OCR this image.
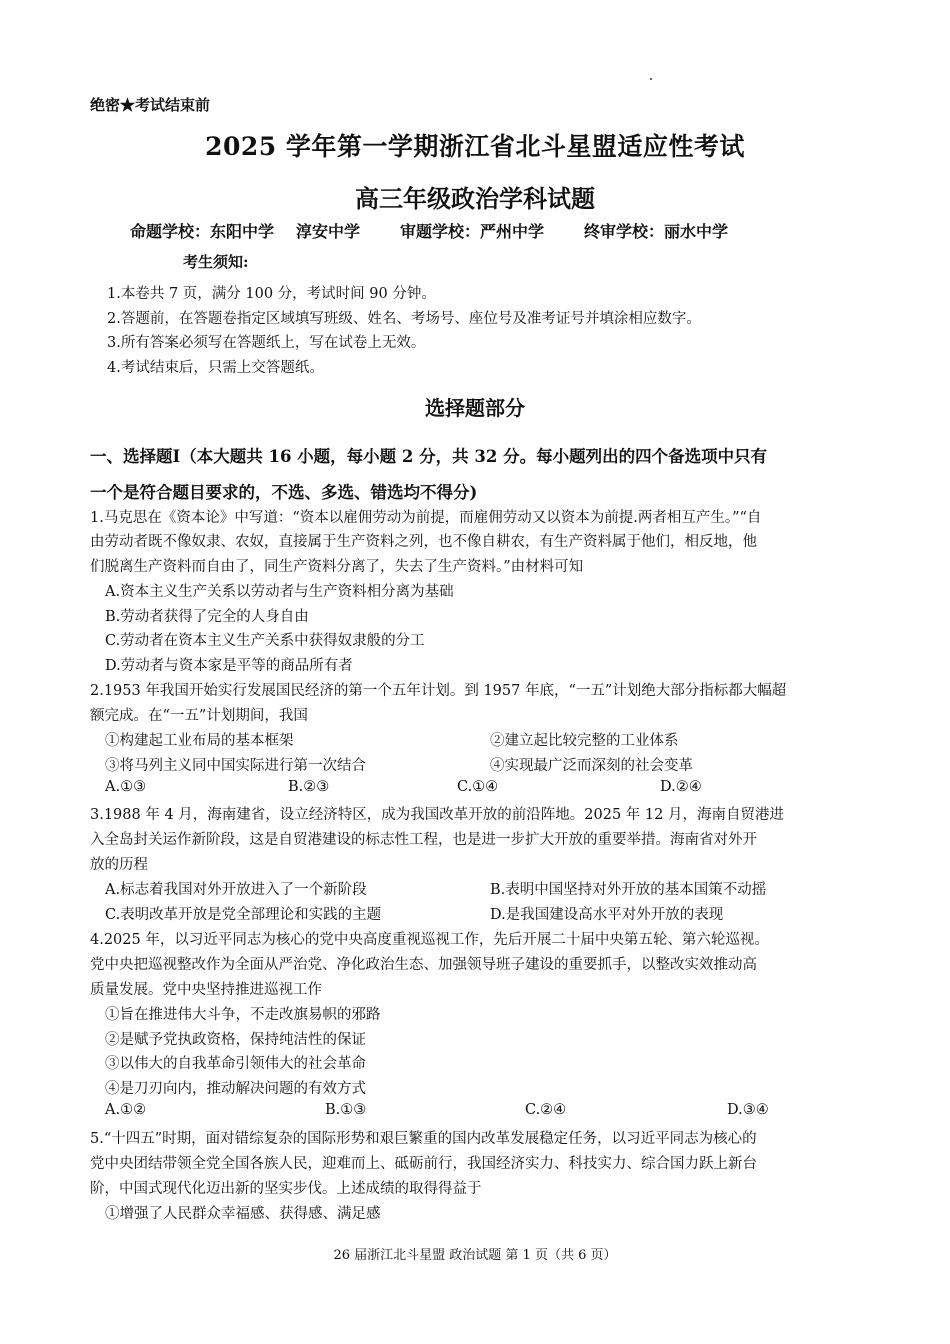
绝密★考试结束前
2025 学年第一学期浙江省北斗星盟适应性考试
高三年级政治学科试题
命题学校：东阳中学 淳安中学	审题学校：严州中学	终审学校：丽水中学
考生须知:
1.本卷共 7 页，满分 100 分，考试时间 90 分钟。
2.答题前，在答题卷指定区域填写班级、姓名、考场号、座位号及准考证号并填涂相应数字。
3.所有答案必须写在答题纸上，写在试卷上无效。
4.考试结束后，只需上交答题纸。
选择题部分
一、选择题Ⅰ（本大题共 16 小题，每小题 2 分，共 32 分。每小题列出的四个备选项中只有
一个是符合题目要求的，不选、多选、错选均不得分)
1.马克思在《资本论》中写道：“资本以雇佣劳动为前提，而雇佣劳动又以资本为前提.两者相互产生。”“自
由劳动者既不像奴隶、农奴，直接属于生产资料之列，也不像自耕农，有生产资料属于他们，相反地，他
们脱离生产资料而自由了，同生产资料分离了，失去了生产资料。”由材料可知
A.资本主义生产关系以劳动者与生产资料相分离为基础
B.劳动者获得了完全的人身自由
C.劳动者在资本主义生产关系中获得奴隶般的分工
D.劳动者与资本家是平等的商品所有者
2.1953 年我国开始实行发展国民经济的第一个五年计划。到 1957 年底，“一五”计划绝大部分指标都大幅超
额完成。在“一五”计划期间，我国
①构建起工业布局的基本框架	②建立起比较完整的工业体系
③将马列主义同中国实际进行第一次结合	④实现最广泛而深刻的社会变革
A.①③	B.②③	C.①④	D.②④
3.1988 年 4 月，海南建省，设立经济特区，成为我国改革开放的前沿阵地。2025 年 12 月，海南自贸港进
入全岛封关运作新阶段，这是自贸港建设的标志性工程，也是进一步扩大开放的重要举措。海南省对外开
放的历程
A.标志着我国对外开放进入了一个新阶段	B.表明中国坚持对外开放的基本国策不动摇
C.表明改革开放是党全部理论和实践的主题	D.是我国建设高水平对外开放的表现
4.2025 年，以习近平同志为核心的党中央高度重视巡视工作，先后开展二十届中央第五轮、第六轮巡视。
党中央把巡视整改作为全面从严治党、净化政治生态、加强领导班子建设的重要抓手，以整改实效推动高
质量发展。党中央坚持推进巡视工作
①旨在推进伟大斗争，不走改旗易帜的邪路
②是赋予党执政资格，保持纯洁性的保证
③以伟大的自我革命引领伟大的社会革命
④是刀刃向内，推动解决问题的有效方式
A.①②	B.①③	C.②④	D.③④
5.“十四五”时期，面对错综复杂的国际形势和艰巨繁重的国内改革发展稳定任务，以习近平同志为核心的
党中央团结带领全党全国各族人民，迎难而上、砥砺前行，我国经济实力、科技实力、综合国力跃上新台
阶，中国式现代化迈出新的坚实步伐。上述成绩的取得得益于
①增强了人民群众幸福感、获得感、满足感
26 届浙江北斗星盟 政治试题 第 1 页（共 6 页）
